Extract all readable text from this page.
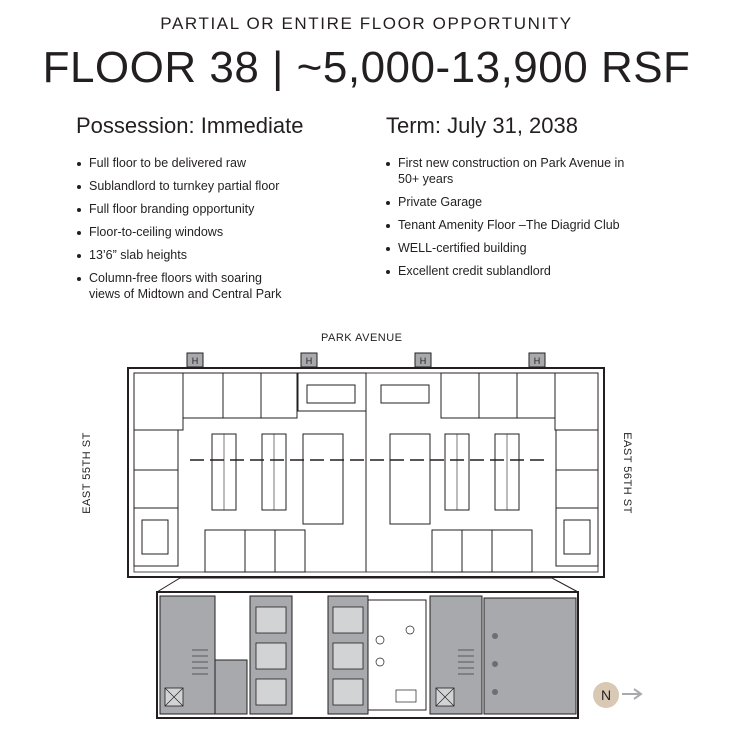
PARTIAL OR ENTIRE FLOOR OPPORTUNITY
FLOOR 38 | ~5,000-13,900 RSF
Possession: Immediate	Term: July 31, 2038
Full floor to be delivered raw
Sublandlord to turnkey partial floor
Full floor branding opportunity
Floor-to-ceiling windows
13’6” slab heights
Column-free floors with soaring views of Midtown and Central Park
First new construction on Park Avenue in 50+ years
Private Garage
Tenant Amenity Floor –The Diagrid Club
WELL-certified building
Excellent credit sublandlord
H	H	H	H
PARK AVENUE
EAST 55TH ST	EAST 56TH ST
N
